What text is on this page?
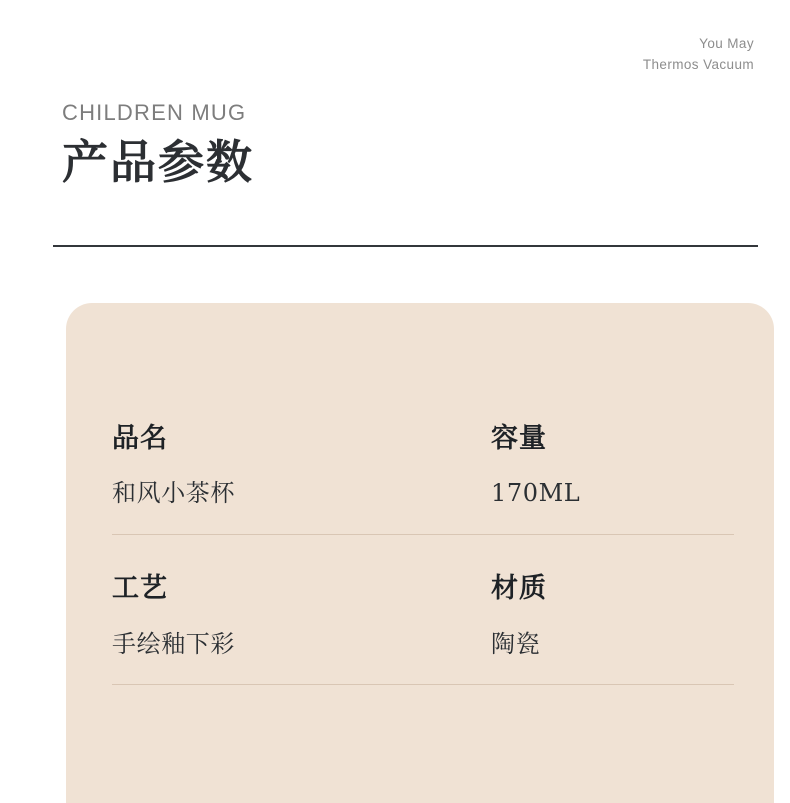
You May
Thermos Vacuum
CHILDREN MUG
产品参数
品名
和风小茶杯
容量
170ML
工艺
手绘釉下彩
材质
陶瓷
